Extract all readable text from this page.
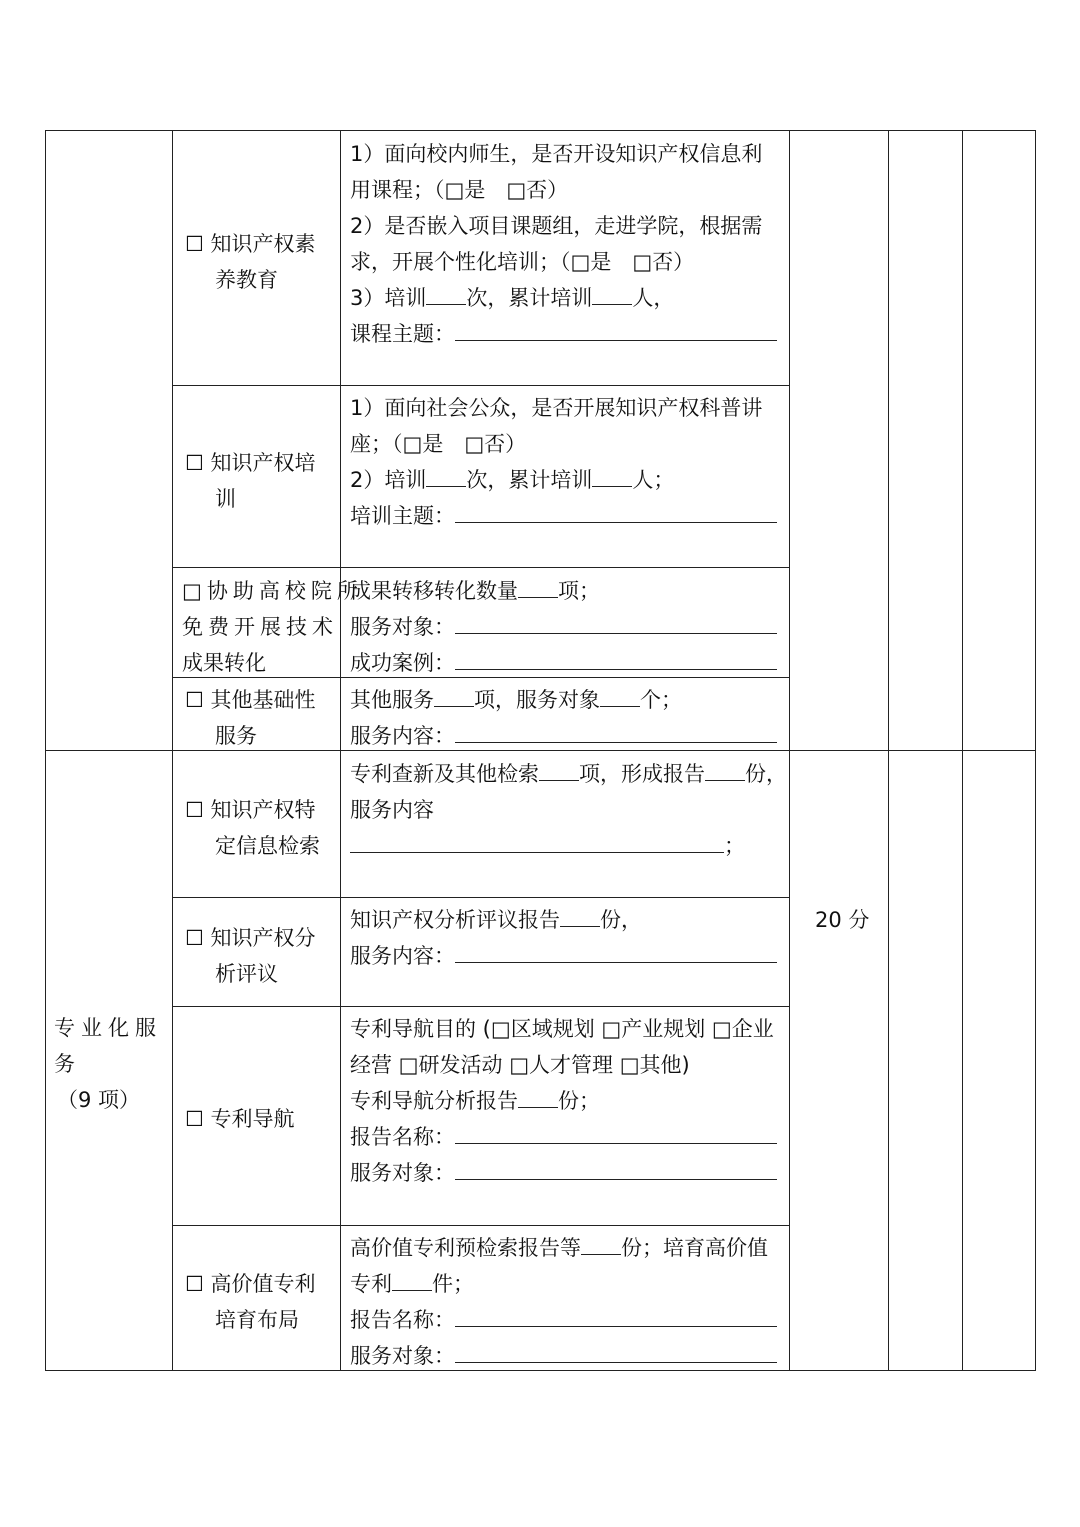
☐ 知识产权素
养教育
1）面向校内师生，是否开设知识产权信息利
用课程；（□是　□否）
2）是否嵌入项目课题组，走进学院，根据需
求，开展个性化培训；（□是　□否）
3）培训 次，累计培训 人，
课程主题：
☐ 知识产权培
训
1）面向社会公众，是否开展知识产权科普讲
座；（□是　□否）
2）培训 次，累计培训 人；
培训主题：
□协助高校院所
免费开展技术
成果转化
成果转移转化数量 项；
服务对象：
成功案例：
☐ 其他基础性
服务
其他服务 项，服务对象 个；
服务内容：
专业化服
务
（9 项）
20 分
☐ 知识产权特
定信息检索
专利查新及其他检索 项，形成报告 份，
服务内容
；
☐ 知识产权分
析评议
知识产权分析评议报告 份，
服务内容：
☐ 专利导航
专利导航目的 (□区域规划 □产业规划 □企业
经营 □研发活动 □人才管理 □其他)
专利导航分析报告 份；
报告名称：
服务对象：
☐ 高价值专利
培育布局
高价值专利预检索报告等 份；培育高价值
专利 件；
报告名称：
服务对象：
